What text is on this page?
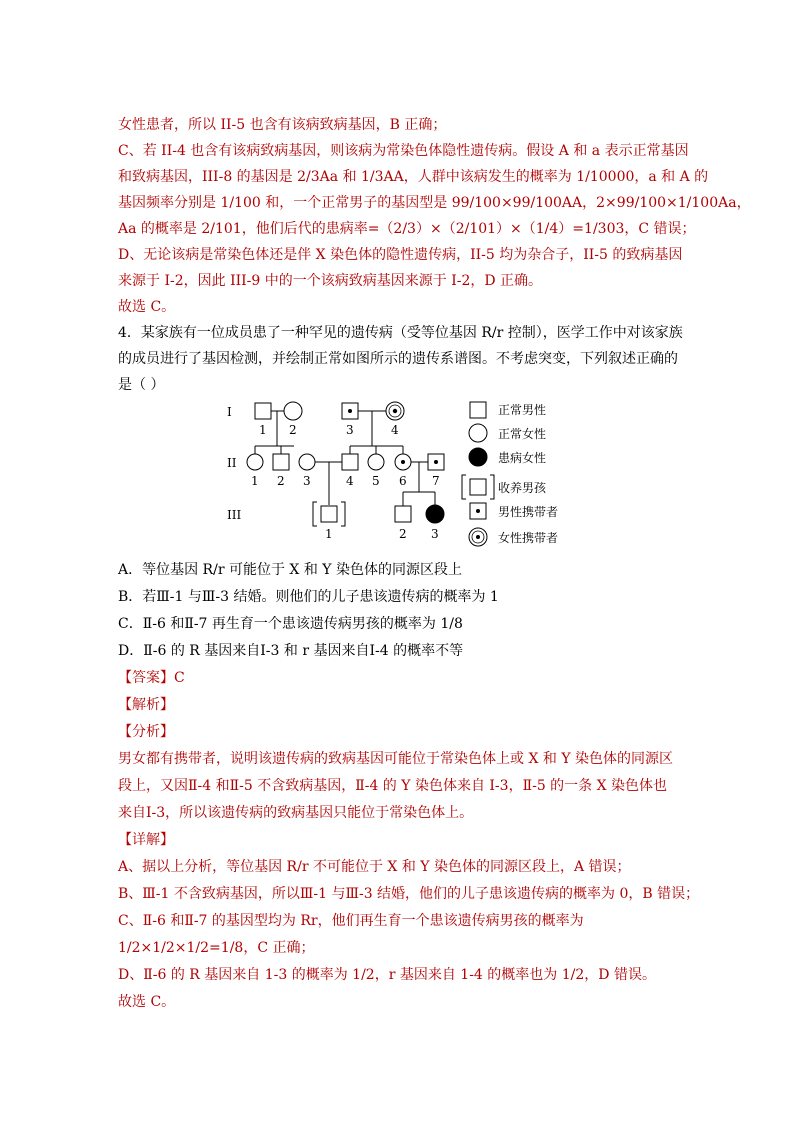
女性患者，所以 II-5 也含有该病致病基因，B 正确；
C、若 II-4 也含有该病致病基因，则该病为常染色体隐性遗传病。假设 A 和 a 表示正常基因
和致病基因，III-8 的基因是 2/3Aa 和 1/3AA，人群中该病发生的概率为 1/10000，a 和 A 的
基因频率分别是 1/100 和，一个正常男子的基因型是 99/100×99/100AA，2×99/100×1/100Aa，
Aa 的概率是 2/101，他们后代的患病率=（2/3）×（2/101）×（1/4）=1/303，C 错误；
D、无论该病是常染色体还是伴 X 染色体的隐性遗传病，II-5 均为杂合子，II-5 的致病基因
来源于 I-2，因此 III-9 中的一个该病致病基因来源于 I-2，D 正确。
故选 C。
4．某家族有一位成员患了一种罕见的遗传病（受等位基因 R/r 控制），医学工作中对该家族
的成员进行了基因检测，并绘制正常如图所示的遗传系谱图。不考虑突变，下列叙述正确的
是（ ）
I
II
III
1 2	3	4
1 2 3	4 5 6 7
1	2 3
正常男性
正常女性
患病女性
收养男孩
男性携带者
女性携带者
A．等位基因 R/r 可能位于 X 和 Y 染色体的同源区段上
B．若Ⅲ-1 与Ⅲ-3 结婚。则他们的儿子患该遗传病的概率为 1
C．Ⅱ-6 和Ⅱ-7 再生育一个患该遗传病男孩的概率为 1/8
D．Ⅱ-6 的 R 基因来自Ⅰ-3 和 r 基因来自Ⅰ-4 的概率不等
【答案】C
【解析】
【分析】
男女都有携带者，说明该遗传病的致病基因可能位于常染色体上或 X 和 Y 染色体的同源区
段上，又因Ⅱ-4 和Ⅱ-5 不含致病基因，Ⅱ-4 的 Y 染色体来自 I-3，Ⅱ-5 的一条 X 染色体也
来自Ⅰ-3，所以该遗传病的致病基因只能位于常染色体上。
【详解】
A、据以上分析，等位基因 R/r 不可能位于 X 和 Y 染色体的同源区段上，A 错误；
B、Ⅲ-1 不含致病基因，所以Ⅲ-1 与Ⅲ-3 结婚，他们的儿子患该遗传病的概率为 0，B 错误；
C、Ⅱ-6 和Ⅱ-7 的基因型均为 Rr，他们再生育一个患该遗传病男孩的概率为
1/2×1/2×1/2=1/8，C 正确；
D、Ⅱ-6 的 R 基因来自 1-3 的概率为 1/2，r 基因来自 1-4 的概率也为 1/2，D 错误。
故选 C。
